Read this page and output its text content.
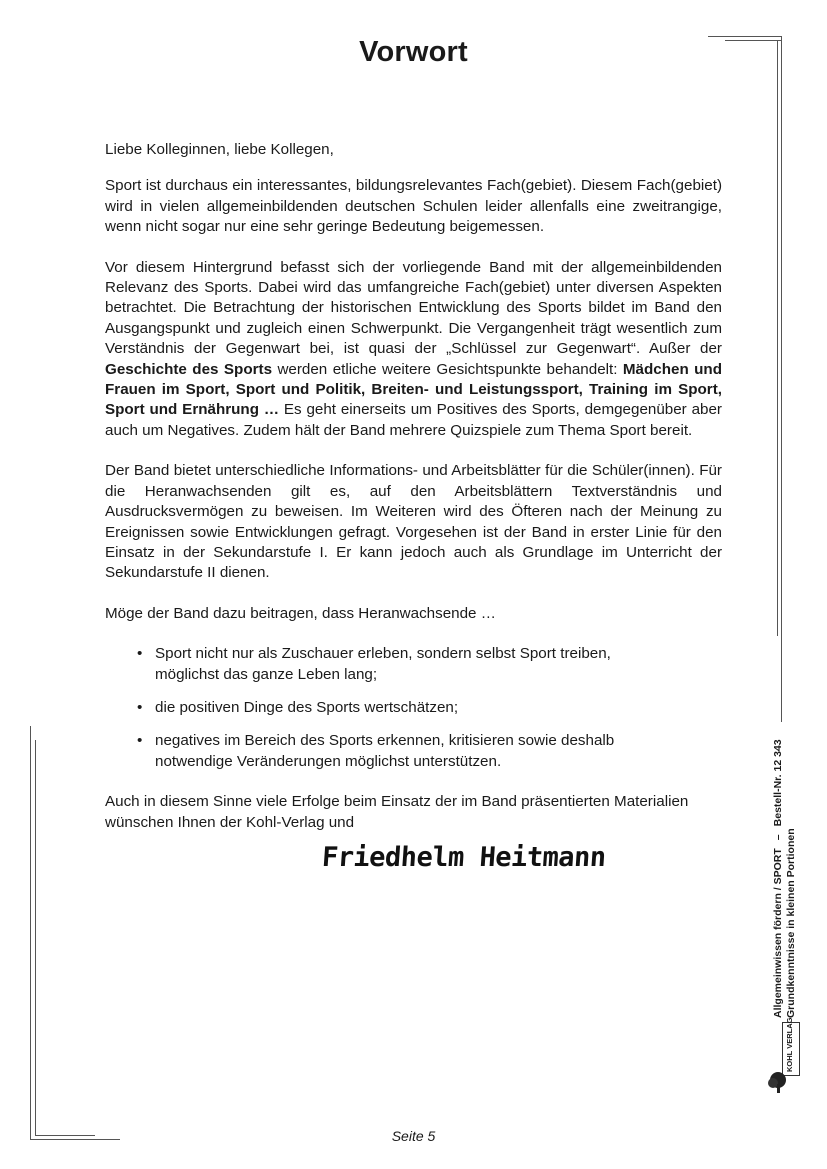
Vorwort

Liebe Kolleginnen, liebe Kollegen,

Sport ist durchaus ein interessantes, bildungsrelevantes Fach(gebiet). Diesem Fach(gebiet) wird in vielen allgemeinbildenden deutschen Schulen leider allenfalls eine zweitrangige, wenn nicht sogar nur eine sehr geringe Bedeutung beigemessen.

Vor diesem Hintergrund befasst sich der vorliegende Band mit der allgemeinbildenden Relevanz des Sports. Dabei wird das umfangreiche Fach(gebiet) unter diversen Aspekten betrachtet. Die Betrachtung der historischen Entwicklung des Sports bildet im Band den Ausgangspunkt und zugleich einen Schwerpunkt. Die Vergangenheit trägt wesentlich zum Verständnis der Gegenwart bei, ist quasi der „Schlüssel zur Gegenwart“. Außer der Geschichte des Sports werden etliche weitere Gesichtspunkte behandelt: Mädchen und Frauen im Sport, Sport und Politik, Breiten- und Leistungssport, Training im Sport, Sport und Ernährung … Es geht einerseits um Positives des Sports, demgegenüber aber auch um Negatives. Zudem hält der Band mehrere Quizspiele zum Thema Sport bereit.

Der Band bietet unterschiedliche Informations- und Arbeitsblätter für die Schüler(innen). Für die Heranwachsenden gilt es, auf den Arbeitsblättern Textverständnis und Ausdrucksvermögen zu beweisen. Im Weiteren wird des Öfteren nach der Meinung zu Ereignissen sowie Entwicklungen gefragt. Vorgesehen ist der Band in erster Linie für den Einsatz in der Sekundarstufe I. Er kann jedoch auch als Grundlage im Unterricht der Sekundarstufe II dienen.

Möge der Band dazu beitragen, dass Heranwachsende …

• Sport nicht nur als Zuschauer erleben, sondern selbst Sport treiben,
möglichst das ganze Leben lang;
• die positiven Dinge des Sports wertschätzen;
• negatives im Bereich des Sports erkennen, kritisieren sowie deshalb
notwendige Veränderungen möglichst unterstützen.

Auch in diesem Sinne viele Erfolge beim Einsatz der im Band präsentierten Materialien wünschen Ihnen der Kohl-Verlag und

Friedhelm Heitmann
Seite 5
Allgemeinwissen fördern / SPORT
–
Bestell-Nr. 12 343
Grundkenntnisse in kleinen Portionen
KOHL VERLAG
